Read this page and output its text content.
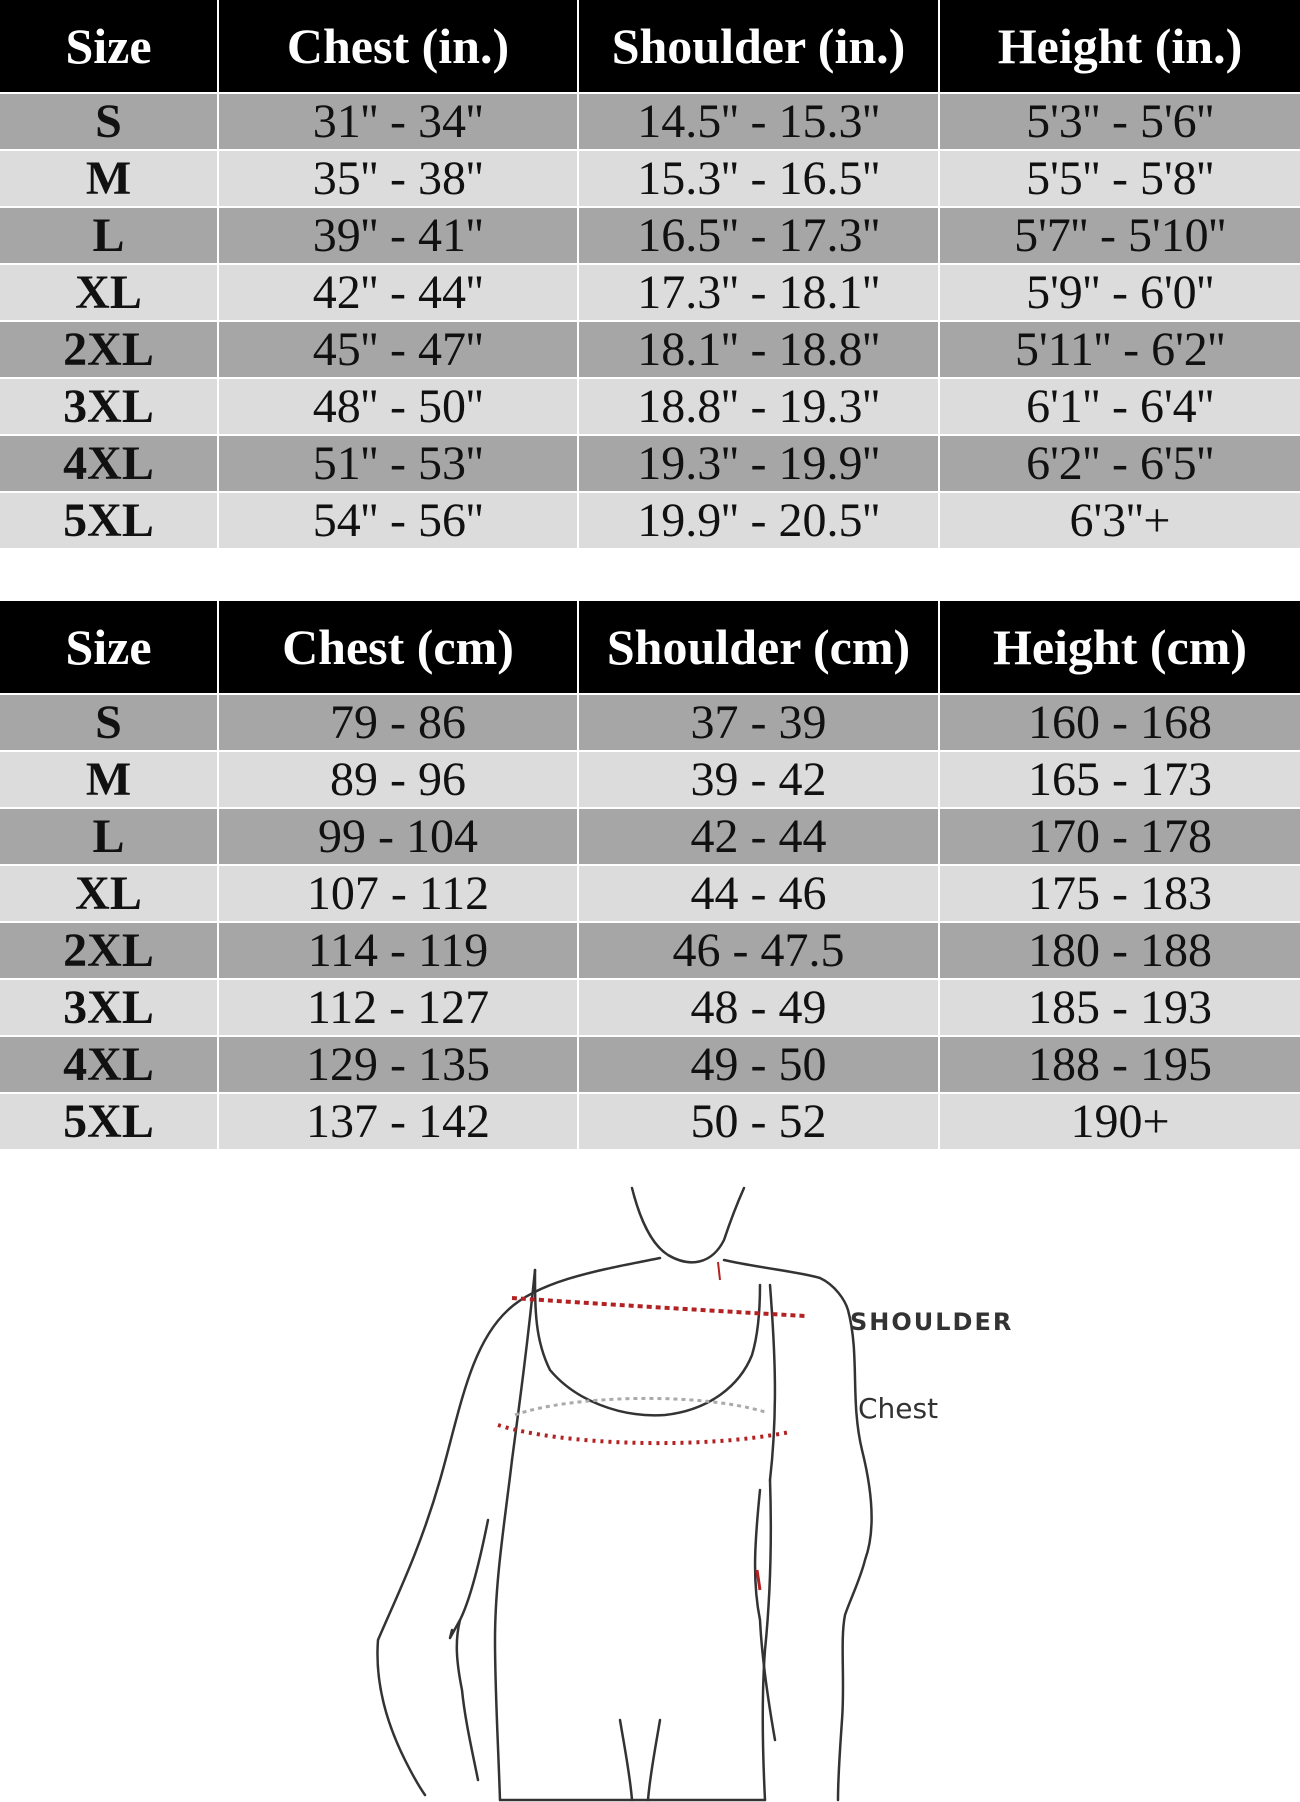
Size	Chest (in.)	Shoulder (in.)	Height (in.)
S	31'' - 34''	14.5'' - 15.3''	5'3'' - 5'6''
M	35'' - 38''	15.3'' - 16.5''	5'5'' - 5'8''
L	39'' - 41''	16.5'' - 17.3''	5'7'' - 5'10''
XL	42'' - 44''	17.3'' - 18.1''	5'9'' - 6'0''
2XL	45'' - 47''	18.1'' - 18.8''	5'11'' - 6'2''
3XL	48'' - 50''	18.8'' - 19.3''	6'1'' - 6'4''
4XL	51'' - 53''	19.3'' - 19.9''	6'2'' - 6'5''
5XL	54'' - 56''	19.9'' - 20.5''	6'3''+
Size	Chest (cm)	Shoulder (cm)	Height (cm)
S	79 - 86	37 - 39	160 - 168
M	89 - 96	39 - 42	165 - 173
L	99 - 104	42 - 44	170 - 178
XL	107 - 112	44 - 46	175 - 183
2XL	114 - 119	46 - 47.5	180 - 188
3XL	112 - 127	48 - 49	185 - 193
4XL	129 - 135	49 - 50	188 - 195
5XL	137 - 142	50 - 52	190+
SHOULDER
Chest
